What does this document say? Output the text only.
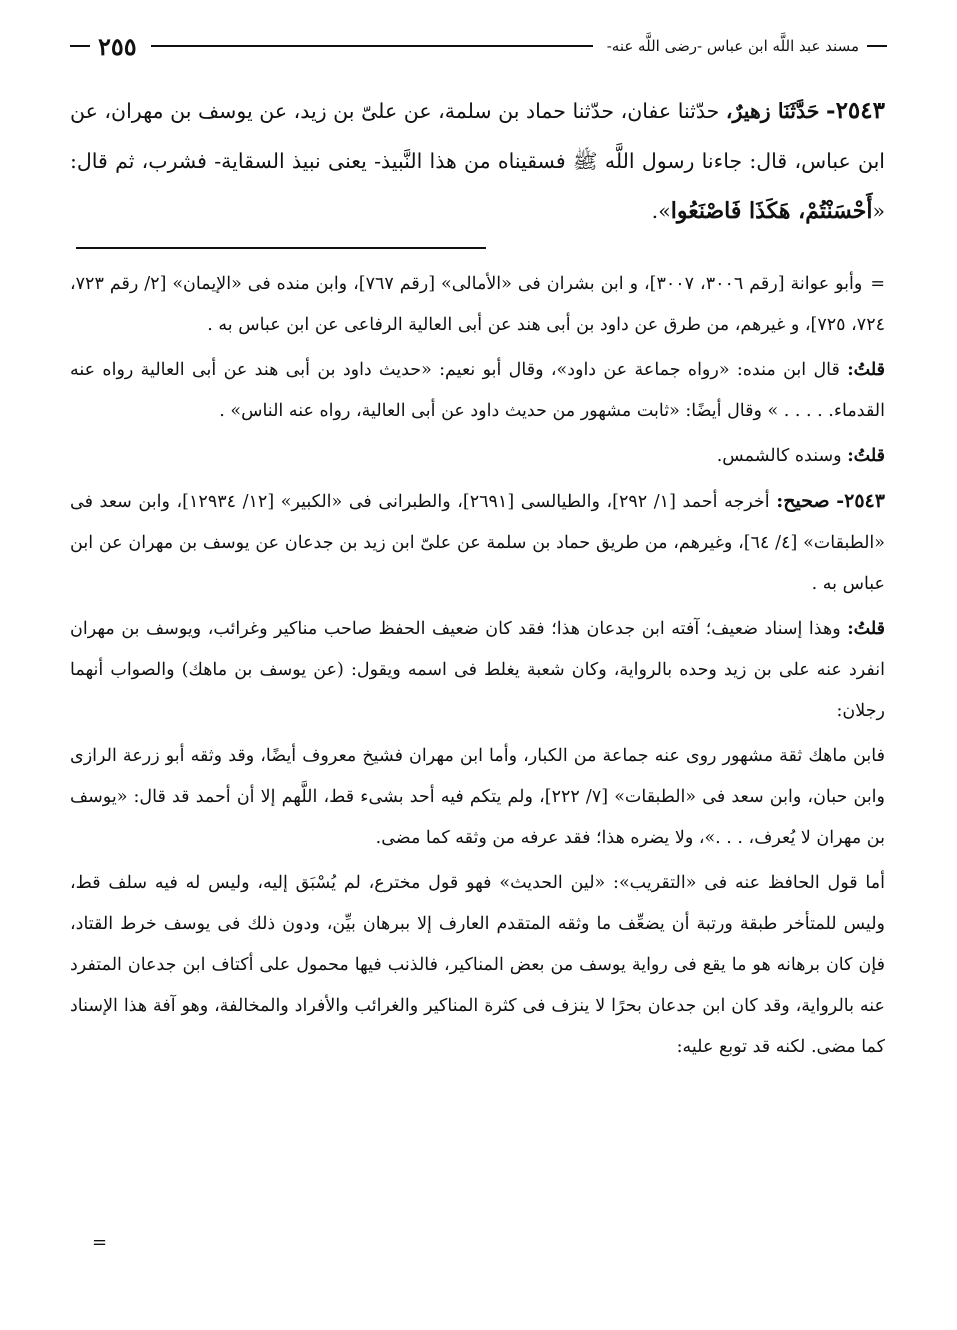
مسند عبد اللَّه ابن عباس -رضى اللَّه عنه-
٢٥٥

٢٥٤٣- حَدَّثَنَا زهيرٌ، حدّثنا عفان، حدّثنا حماد بن سلمة، عن علىّ بن زيد، عن يوسف بن مهران، عن ابن عباس، قال: جاءنا رسول اللَّه ﷺ فسقيناه من هذا النَّبيذ- يعنى نبيذ السقاية- فشرب، ثم قال: «أَحْسَنْتُمْ، هَكَذَا فَاصْنَعُوا».

=وأبو عوانة [رقم ٣٠٠٦، ٣٠٠٧]، و ابن بشران فى «الأمالى» [رقم ٧٦٧]، وابن منده فى «الإيمان» [٢/ رقم ٧٢٣، ٧٢٤، ٧٢٥]، و غيرهم، من طرق عن داود بن أبى هند عن أبى العالية الرفاعى عن ابن عباس به .

قلتُ: قال ابن منده: «رواه جماعة عن داود»، وقال أبو نعيم: «حديث داود بن أبى هند عن أبى العالية رواه عنه القدماء. . . . . » وقال أيضًا: «ثابت مشهور من حديث داود عن أبى العالية، رواه عنه الناس» .

قلتُ: وسنده كالشمس.

٢٥٤٣- صحيح: أخرجه أحمد [١/ ٢٩٢]، والطيالسى [٢٦٩١]، والطبرانى فى «الكبير» [١٢/ ١٢٩٣٤]، وابن سعد فى «الطبقات» [٤/ ٦٤]، وغيرهم، من طريق حماد بن سلمة عن علىّ ابن زيد بن جدعان عن يوسف بن مهران عن ابن عباس به .

قلتُ: وهذا إسناد ضعيف؛ آفته ابن جدعان هذا؛ فقد كان ضعيف الحفظ صاحب مناكير وغرائب، ويوسف بن مهران انفرد عنه على بن زيد وحده بالرواية، وكان شعبة يغلط فى اسمه ويقول: (عن يوسف بن ماهك) والصواب أنهما رجلان:

فابن ماهك ثقة مشهور روى عنه جماعة من الكبار، وأما ابن مهران فشيخ معروف أيضًا، وقد وثقه أبو زرعة الرازى وابن حبان، وابن سعد فى «الطبقات» [٧/ ٢٢٢]، ولم يتكم فيه أحد بشىء قط، اللَّهم إلا أن أحمد قد قال: «يوسف بن مهران لا يُعرف، . . .»، ولا يضره هذا؛ فقد عرفه من وثقه كما مضى.

أما قول الحافظ عنه فى «التقريب»: «لين الحديث» فهو قول مخترع، لم يُسْبَق إليه، وليس له فيه سلف قط، وليس للمتأخر طبقة ورتبة أن يضعِّف ما وثقه المتقدم العارف إلا ببرهان بيِّن، ودون ذلك فى يوسف خرط القتاد، فإن كان برهانه هو ما يقع فى رواية يوسف من بعض المناكير، فالذنب فيها محمول على أكتاف ابن جدعان المتفرد عنه بالرواية، وقد كان ابن جدعان بحرًا لا ينزف فى كثرة المناكير والغرائب والأفراد والمخالفة، وهو آفة هذا الإسناد كما مضى. لكنه قد توبع عليه:

=
